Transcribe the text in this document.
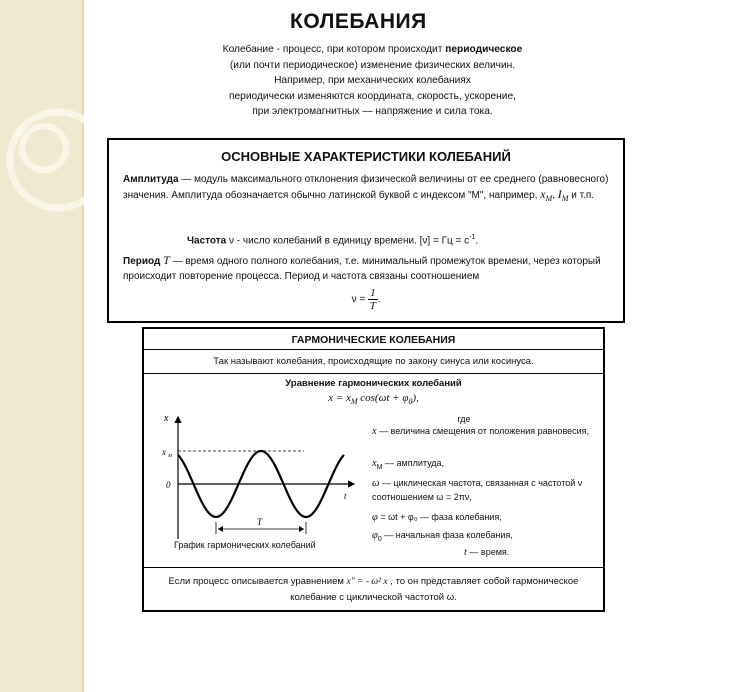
КОЛЕБАНИЯ
Колебание - процесс, при котором происходит периодическое
(или почти периодическое) изменение физических величин.
Например, при механических колебаниях
периодически изменяются координата, скорость, ускорение,
при электромагнитных — напряжение и сила тока.
ОСНОВНЫЕ ХАРАКТЕРИСТИКИ КОЛЕБАНИЙ
Амплитуда — модуль максимального отклонения физической величины от ее среднего (равновесного) значения. Амплитуда обозначается обычно латинской буквой с индексом "М", например, $x_M$, $I_M$ и т.п.
Частота ν - число колебаний в единицу времени. [ν] = Гц = $с^{-1}$.
Период T — время одного полного колебания, т.е. минимальный промежуток времени, через который происходит повторение процесса. Период и частота связаны соотношением
$\nu = \frac{1}{T}$ .
ГАРМОНИЧЕСКИЕ КОЛЕБАНИЯ
Так называют колебания, происходящие по закону синуса или косинуса.
Уравнение гармонических колебаний
$x = x_M$ $\cos(\omega t + \varphi_0)$,
где
x — величина смещения от положения равновесия,
$x_M$ — амплитуда,
ω — циклическая частота, связанная с частотой ν соотношением ω = 2πν,
φ = ωt + φ₀ — фаза колебания,
$\varphi_0$ — начальная фаза колебания,
t — время.
x
x м
0
t
T
График гармонических колебаний
Если процесс описывается уравнением x″ = - ω² x , то он представляет собой гармоническое колебание с циклической частотой ω.
